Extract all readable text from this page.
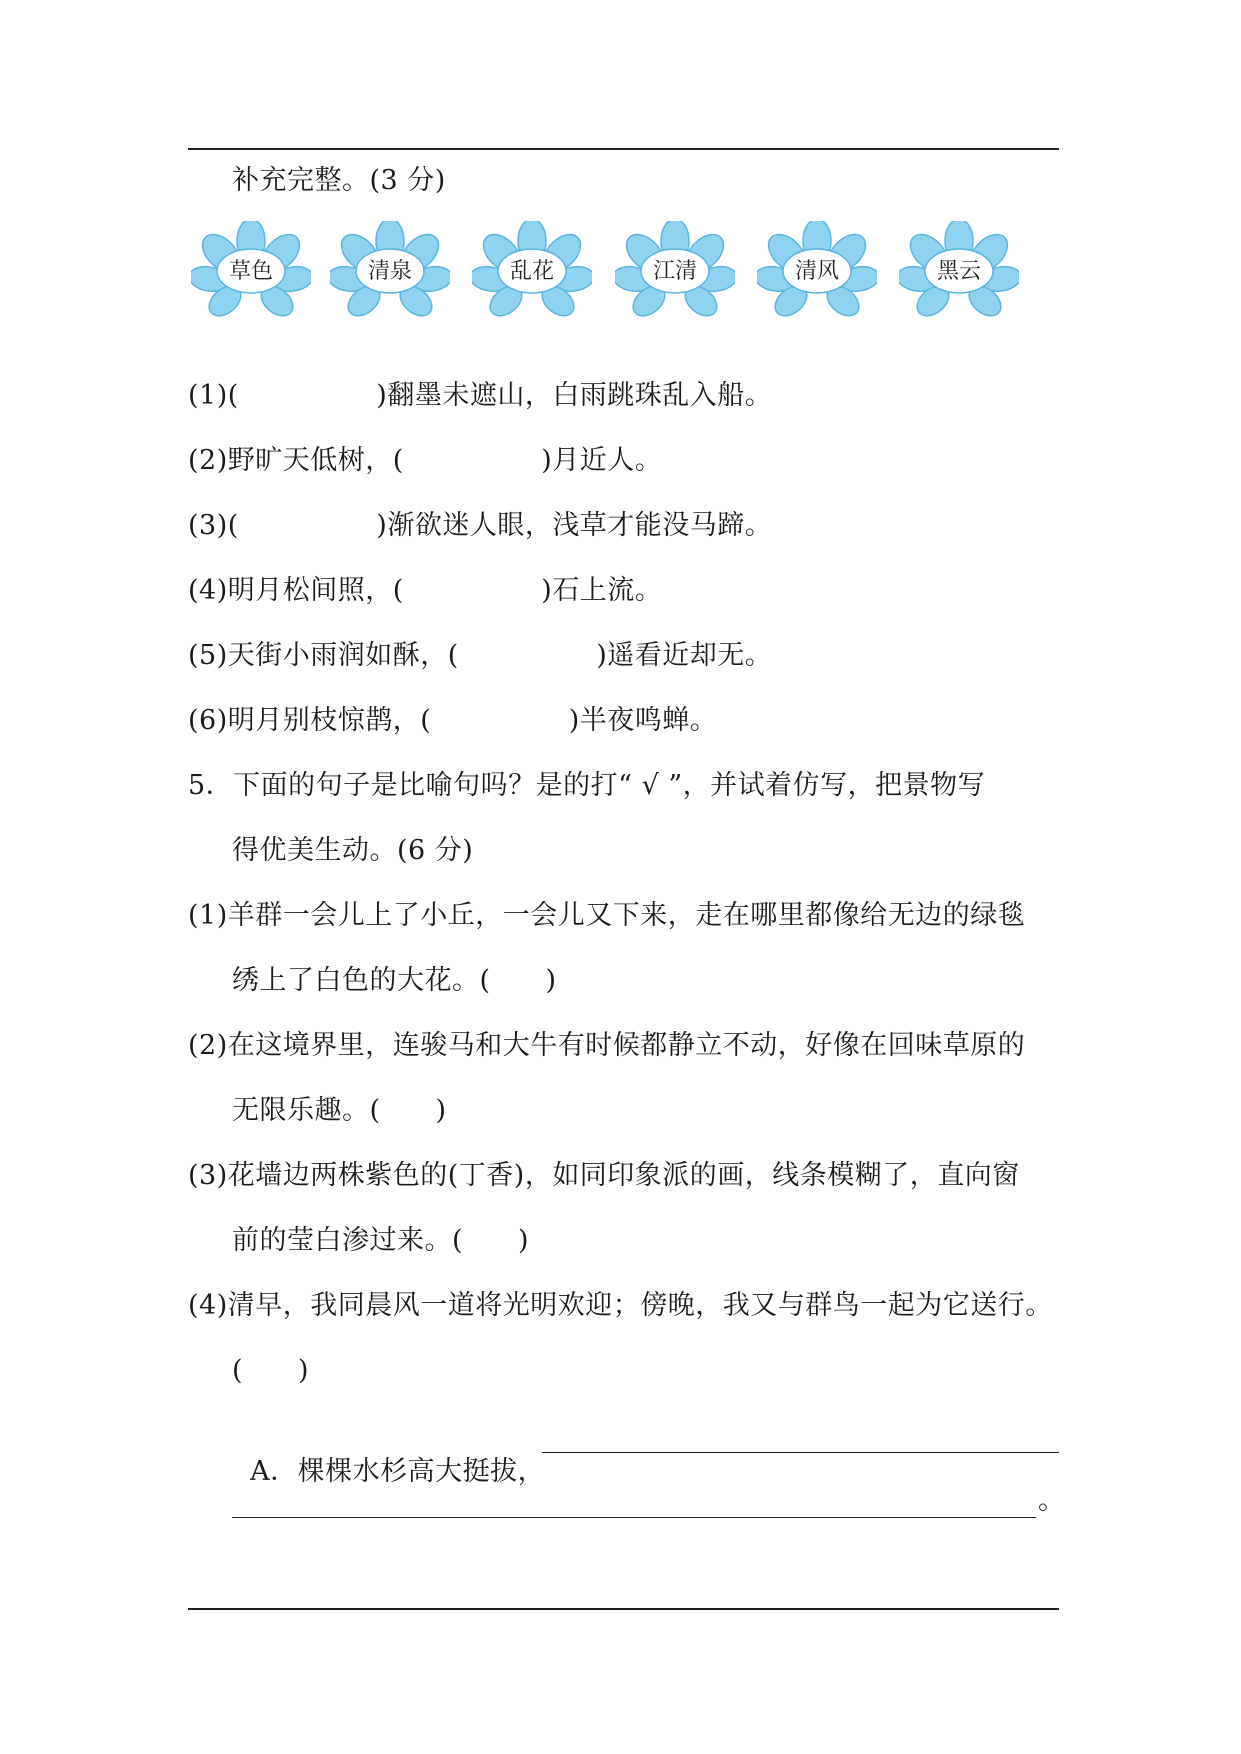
补充完整。(3 分)
草色	清泉	乱花	江清	清风	黑云
(1)(　　　　　)翻墨未遮山，白雨跳珠乱入船。
(2)野旷天低树，(　　　　　)月近人。
(3)(　　　　　)渐欲迷人眼，浅草才能没马蹄。
(4)明月松间照，(　　　　　)石上流。
(5)天街小雨润如酥，(　　　　　)遥看近却无。
(6)明月别枝惊鹊，(　　　　　)半夜鸣蝉。
5．下面的句子是比喻句吗？是的打“ √ ”，并试着仿写，把景物写
得优美生动。(6 分)
(1)羊群一会儿上了小丘，一会儿又下来，走在哪里都像给无边的绿毯
绣上了白色的大花。(　　)
(2)在这境界里，连骏马和大牛有时候都静立不动，好像在回味草原的
无限乐趣。(　　)
(3)花墙边两株紫色的(丁香)，如同印象派的画，线条模糊了，直向窗
前的莹白渗过来。(　　)
(4)清早，我同晨风一道将光明欢迎；傍晚，我又与群鸟一起为它送行。
(　　)

A．棵棵水杉高大挺拔，

。
